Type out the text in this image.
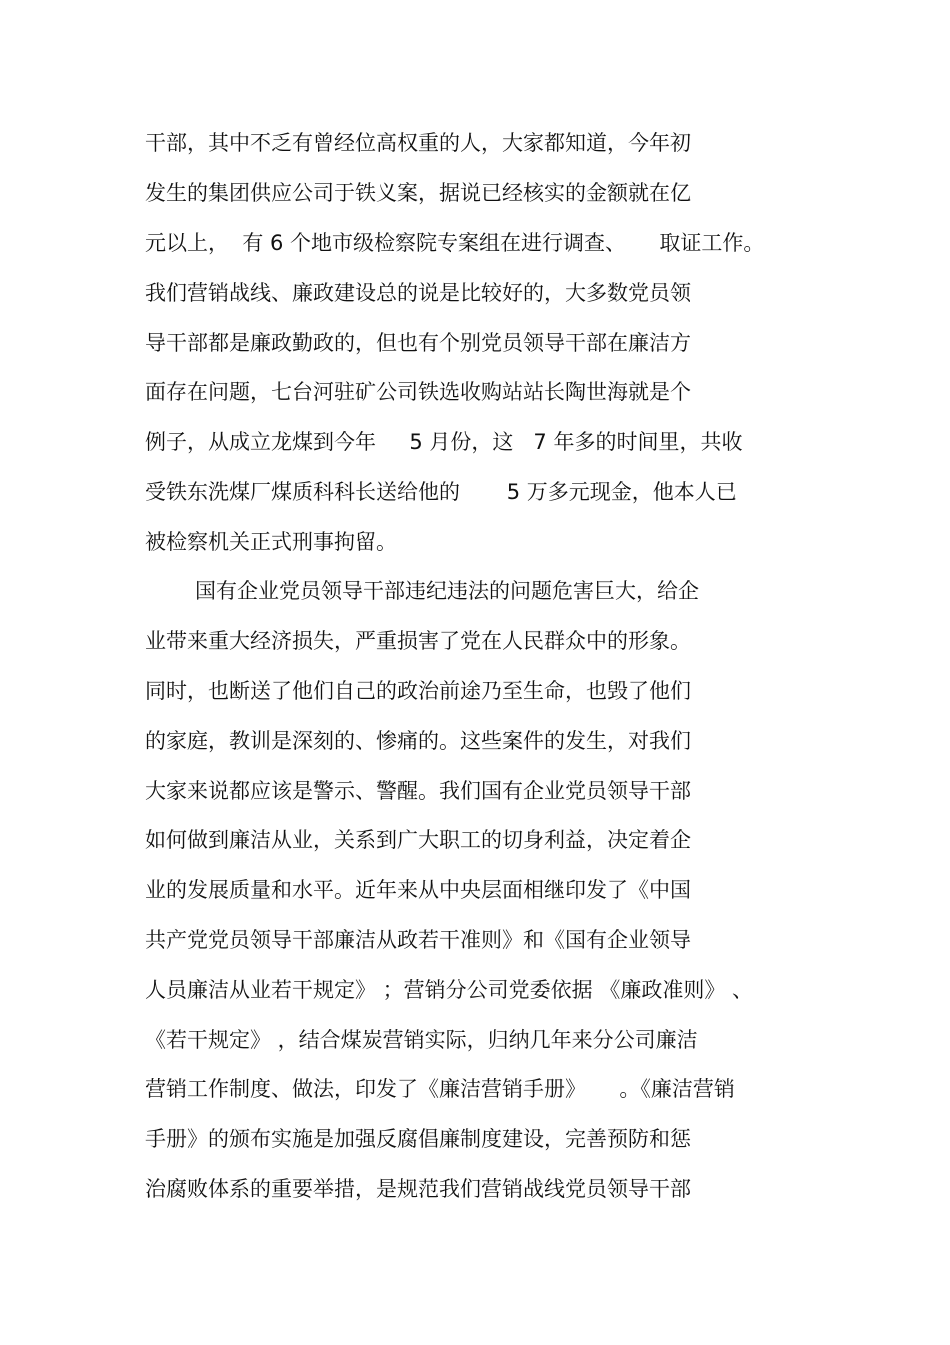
干部，其中不乏有曾经位高权重的人，大家都知道，今年初
发生的集团供应公司于铁义案，据说已经核实的金额就在亿
元以上，  有 6 个地市级检察院专案组在进行调查、     取证工作。
我们营销战线、廉政建设总的说是比较好的，大多数党员领
导干部都是廉政勤政的，但也有个别党员领导干部在廉洁方
面存在问题，七台河驻矿公司铁选收购站站长陶世海就是个
例子，从成立龙煤到今年     5 月份，这   7 年多的时间里，共收
受铁东洗煤厂煤质科科长送给他的       5 万多元现金，他本人已
被检察机关正式刑事拘留。
国有企业党员领导干部违纪违法的问题危害巨大，给企
业带来重大经济损失，严重损害了党在人民群众中的形象。
同时，也断送了他们自己的政治前途乃至生命，也毁了他们
的家庭，教训是深刻的、惨痛的。这些案件的发生，对我们
大家来说都应该是警示、警醒。我们国有企业党员领导干部
如何做到廉洁从业，关系到广大职工的切身利益，决定着企
业的发展质量和水平。近年来从中央层面相继印发了《中国
共产党党员领导干部廉洁从政若干准则》和《国有企业领导
人员廉洁从业若干规定》 ；营销分公司党委依据 《廉政准则》 、
《若干规定》 ，结合煤炭营销实际，归纳几年来分公司廉洁
营销工作制度、做法，印发了《廉洁营销手册》     。《廉洁营销
手册》的颁布实施是加强反腐倡廉制度建设，完善预防和惩
治腐败体系的重要举措，是规范我们营销战线党员领导干部
